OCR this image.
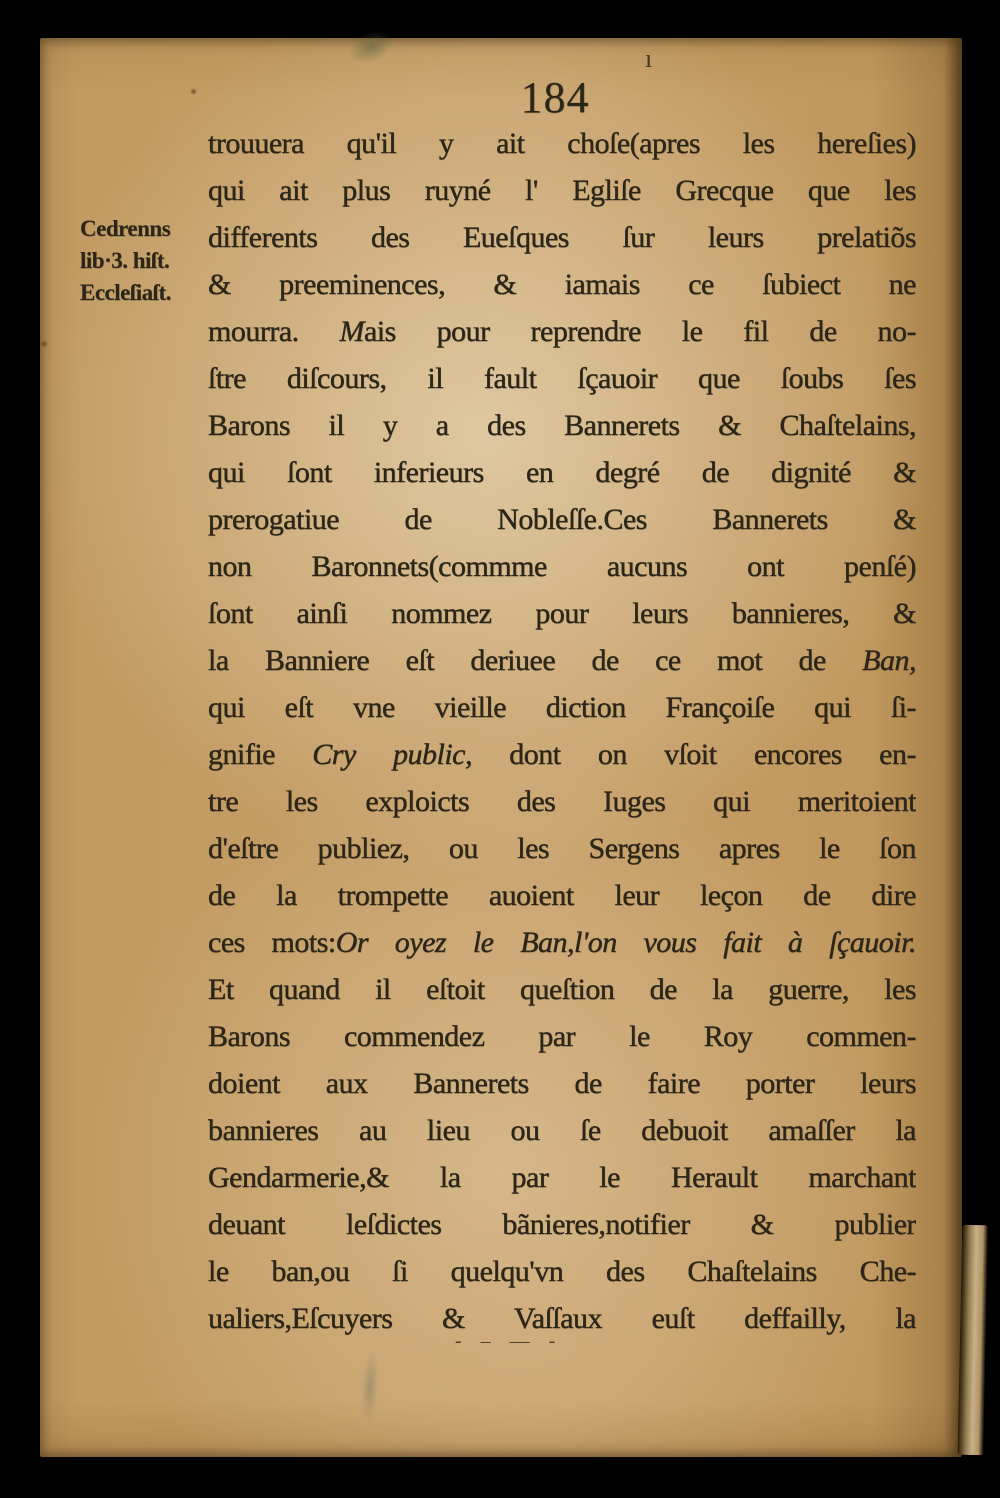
184
ı
Cedrenns
lib·3. hiſt.
Eccleſiaſt.
trouuera qu'il y ait choſe(apres les hereſies)
qui ait plus ruyné l' Egliſe Grecque que les
differents des Eueſques ſur leurs prelatiõs
& preeminences, & iamais ce ſubiect ne
mourra. Mais pour reprendre le fil de no-
ſtre diſcours, il fault ſçauoir que ſoubs ſes
Barons il y a des Bannerets & Chaſtelains,
qui ſont inferieurs en degré de dignité &
prerogatiue de Nobleſſe.Ces Bannerets &
non Baronnets(commme aucuns ont penſé)
ſont ainſi nommez pour leurs bannieres, &
la Banniere eſt deriuee de ce mot de Ban,
qui eſt vne vieille diction Françoiſe qui ſi-
gnifie Cry public, dont on vſoit encores en-
tre les exploicts des Iuges qui meritoient
d'eſtre publiez, ou les Sergens apres le ſon
de la trompette auoient leur leçon de dire
ces mots:Or oyez le Ban,l'on vous fait à ſçauoir.
Et quand il eſtoit queſtion de la guerre, les
Barons commendez par le Roy commen-
doient aux Bannerets de faire porter leurs
bannieres au lieu ou ſe debuoit amaſſer la
Gendarmerie,& la par le Herault marchant
deuant leſdictes bãnieres,notifier & publier
le ban,ou ſi quelqu'vn des Chaſtelains Che-
ualiers,Eſcuyers & Vaſſaux euſt deffailly, la
- – — -
